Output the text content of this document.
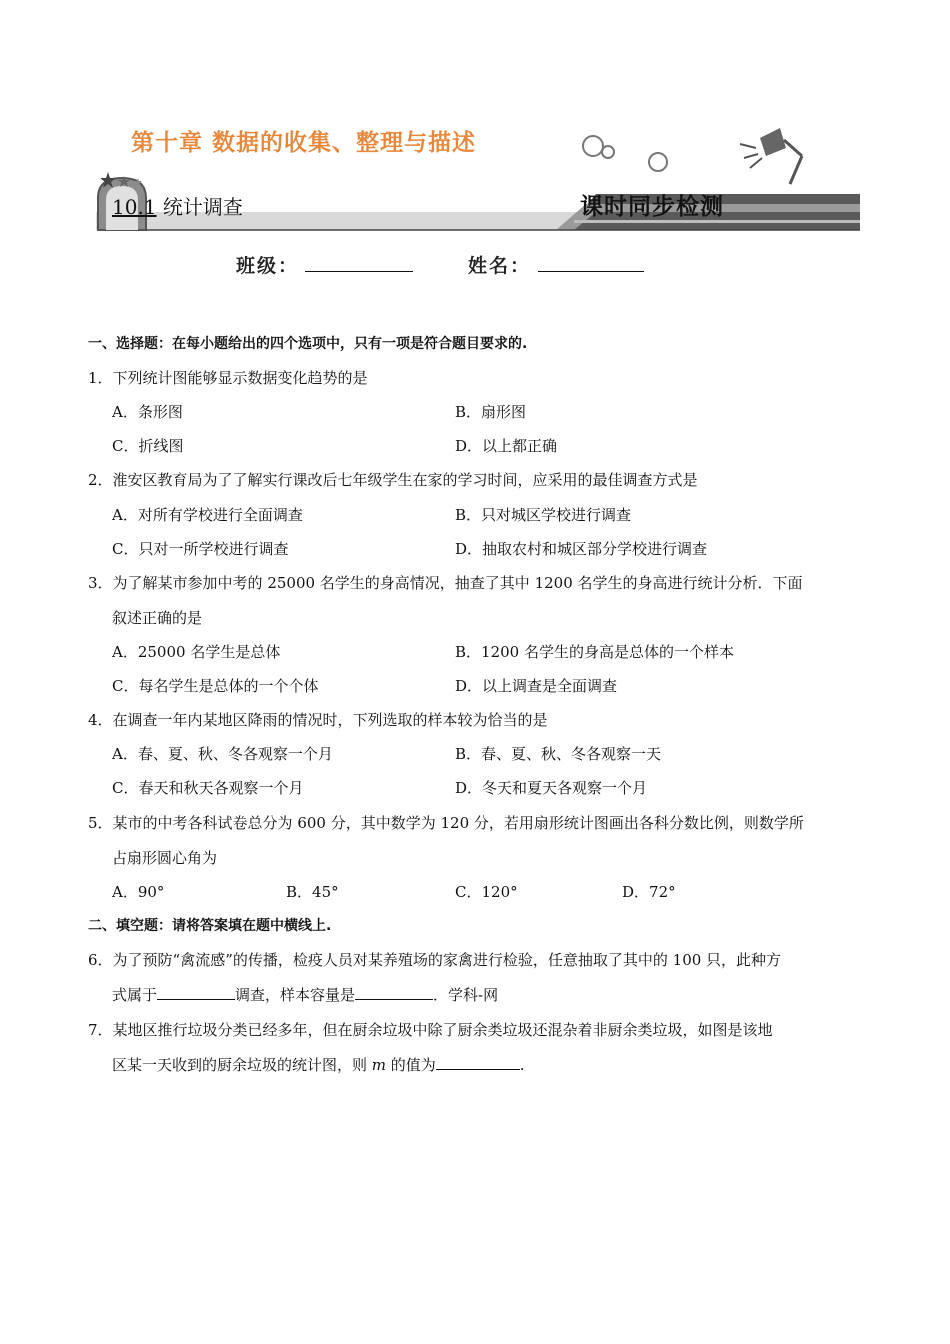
第十章 数据的收集、整理与描述
10.1 统计调查	课时同步检测
班级：	姓名：
一、选择题：在每小题给出的四个选项中，只有一项是符合题目要求的.
1．下列统计图能够显示数据变化趋势的是
A．条形图	B．扇形图
C．折线图	D．以上都正确
2．淮安区教育局为了了解实行课改后七年级学生在家的学习时间，应采用的最佳调查方式是
A．对所有学校进行全面调查	B．只对城区学校进行调查
C．只对一所学校进行调查	D．抽取农村和城区部分学校进行调查
3．为了解某市参加中考的 25000 名学生的身高情况，抽查了其中 1200 名学生的身高进行统计分析．下面
叙述正确的是
A．25000 名学生是总体	B．1200 名学生的身高是总体的一个样本
C．每名学生是总体的一个个体	D．以上调查是全面调查
4．在调查一年内某地区降雨的情况时，下列选取的样本较为恰当的是
A．春、夏、秋、冬各观察一个月	B．春、夏、秋、冬各观察一天
C．春天和秋天各观察一个月	D．冬天和夏天各观察一个月
5．某市的中考各科试卷总分为 600 分，其中数学为 120 分，若用扇形统计图画出各科分数比例，则数学所
占扇形圆心角为
A．90°	B．45°	C．120°	D．72°
二、填空题：请将答案填在题中横线上.
6．为了预防“禽流感”的传播，检疫人员对某养殖场的家禽进行检验，任意抽取了其中的 100 只，此种方
式属于	调查，样本容量是	．学科-网
7．某地区推行垃圾分类已经多年，但在厨余垃圾中除了厨余类垃圾还混杂着非厨余类垃圾，如图是该地
区某一天收到的厨余垃圾的统计图，则 m 的值为	.
